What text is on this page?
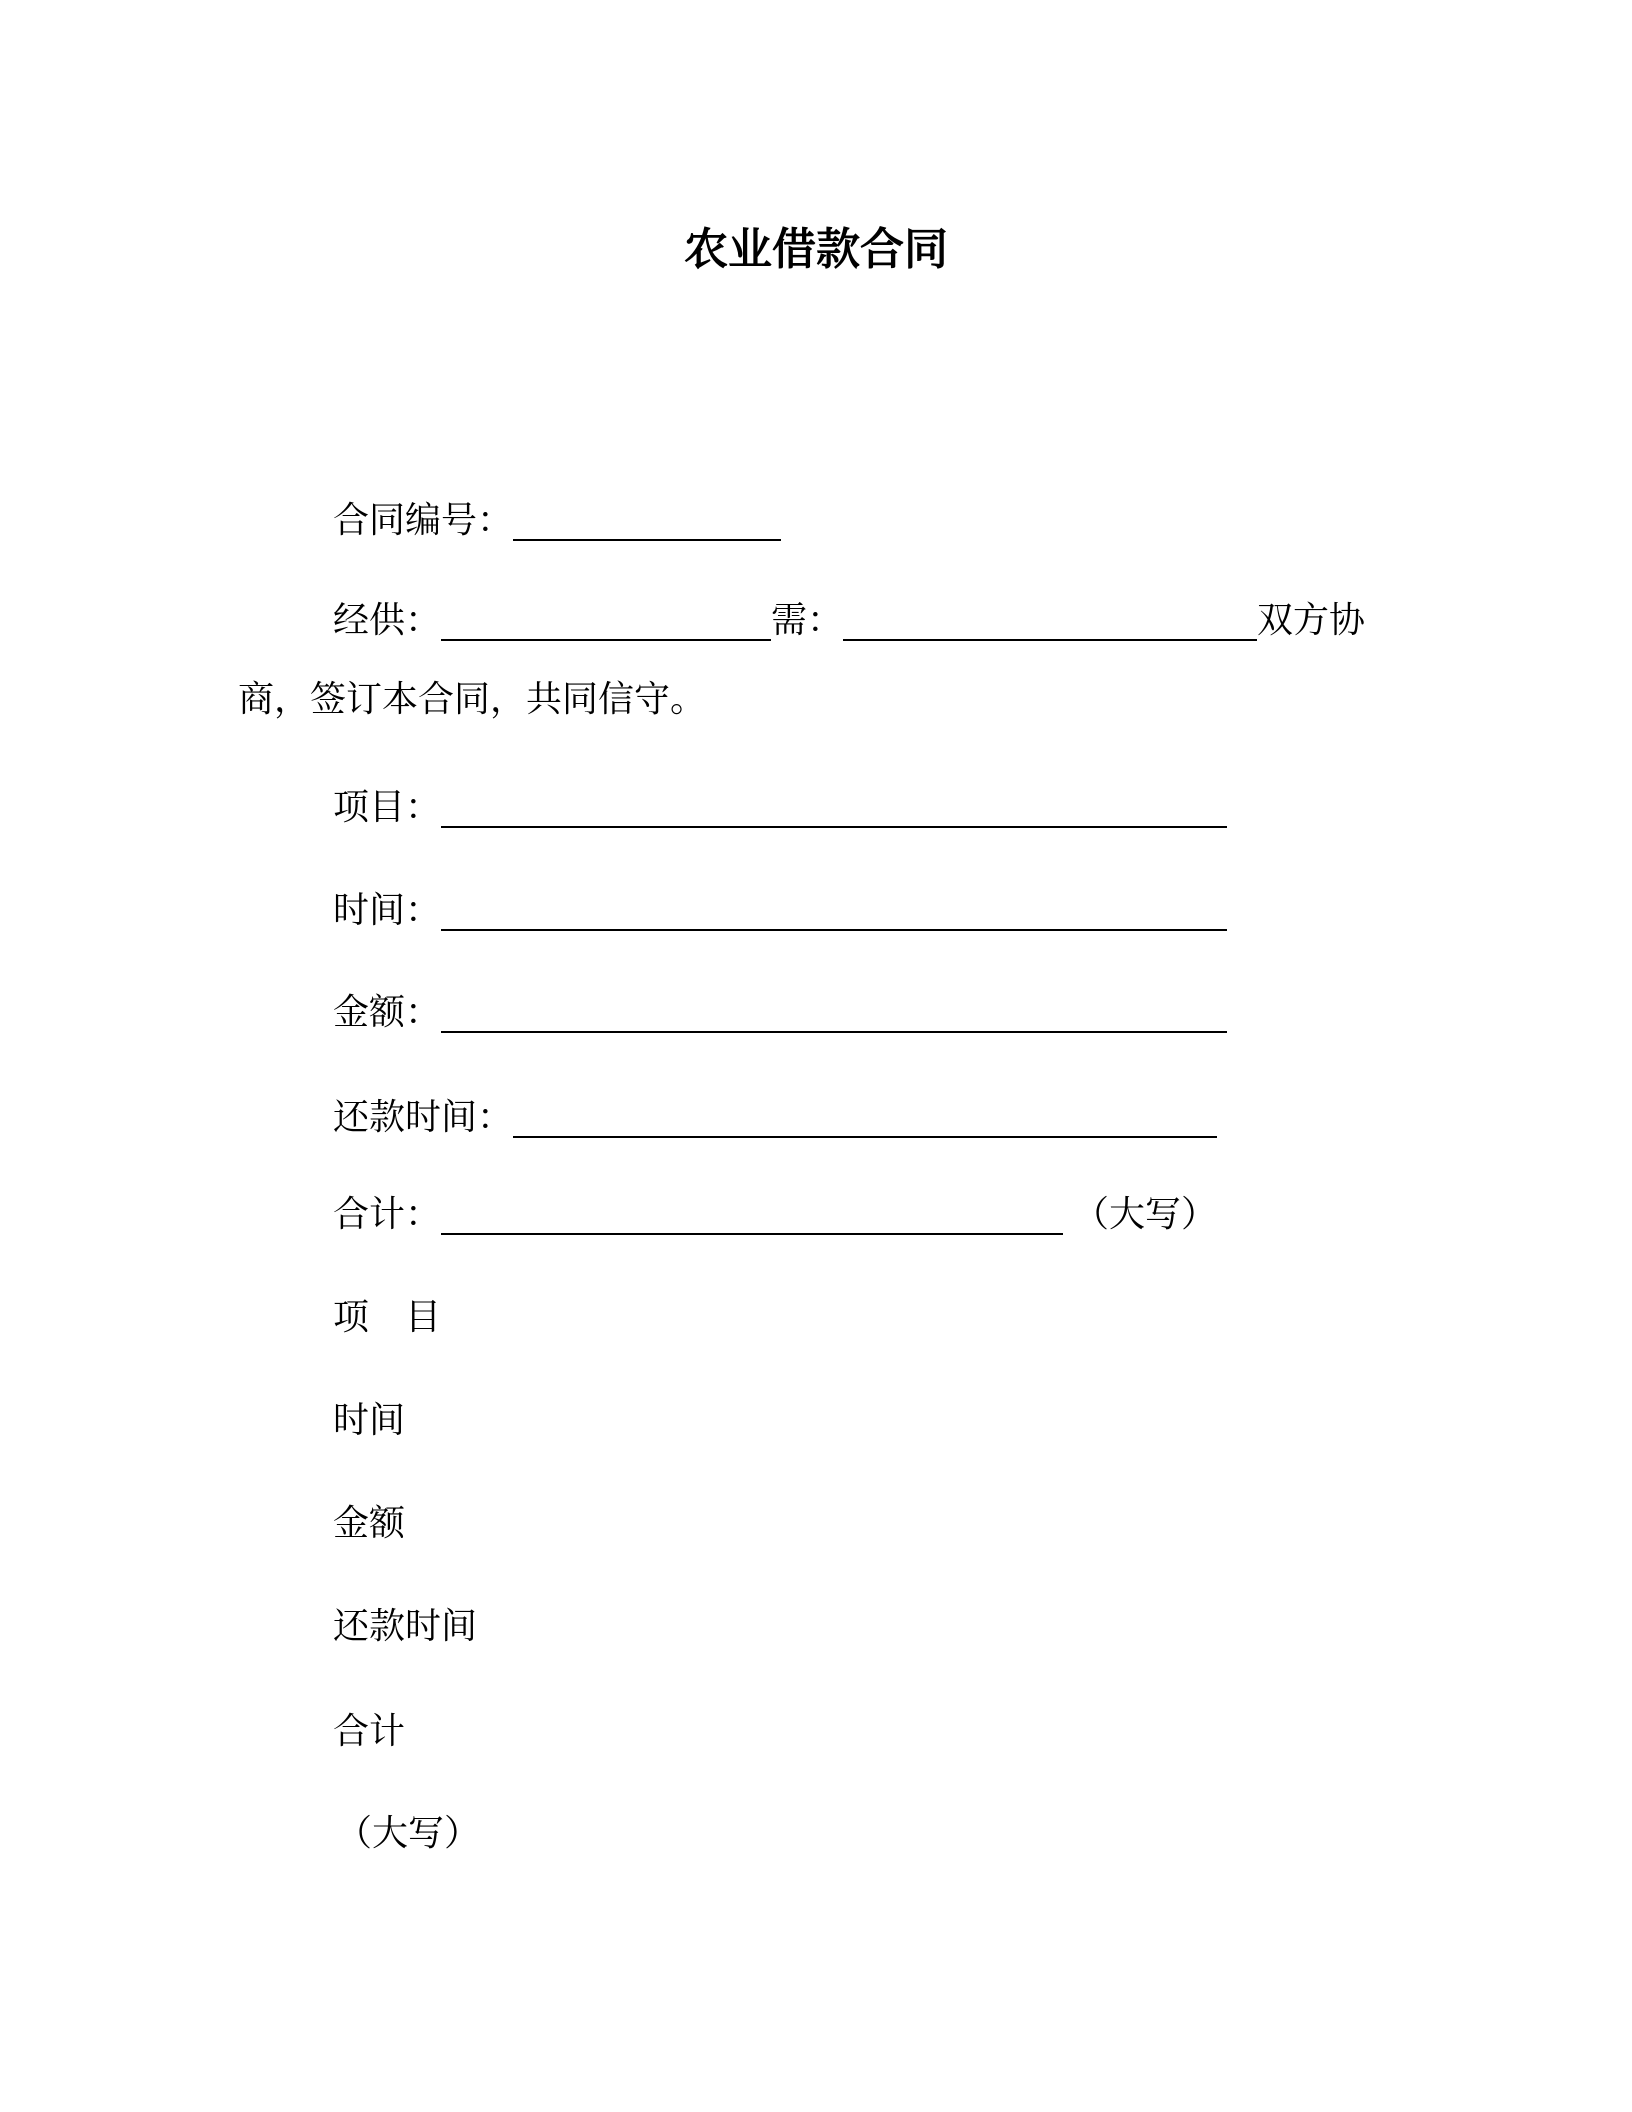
农业借款合同
合同编号：
经供：	需：	双方协
商，签订本合同，共同信守。
项目：
时间：
金额：
还款时间：
合计：	（大写）
项　目
时间
金额
还款时间
合计
（大写）
